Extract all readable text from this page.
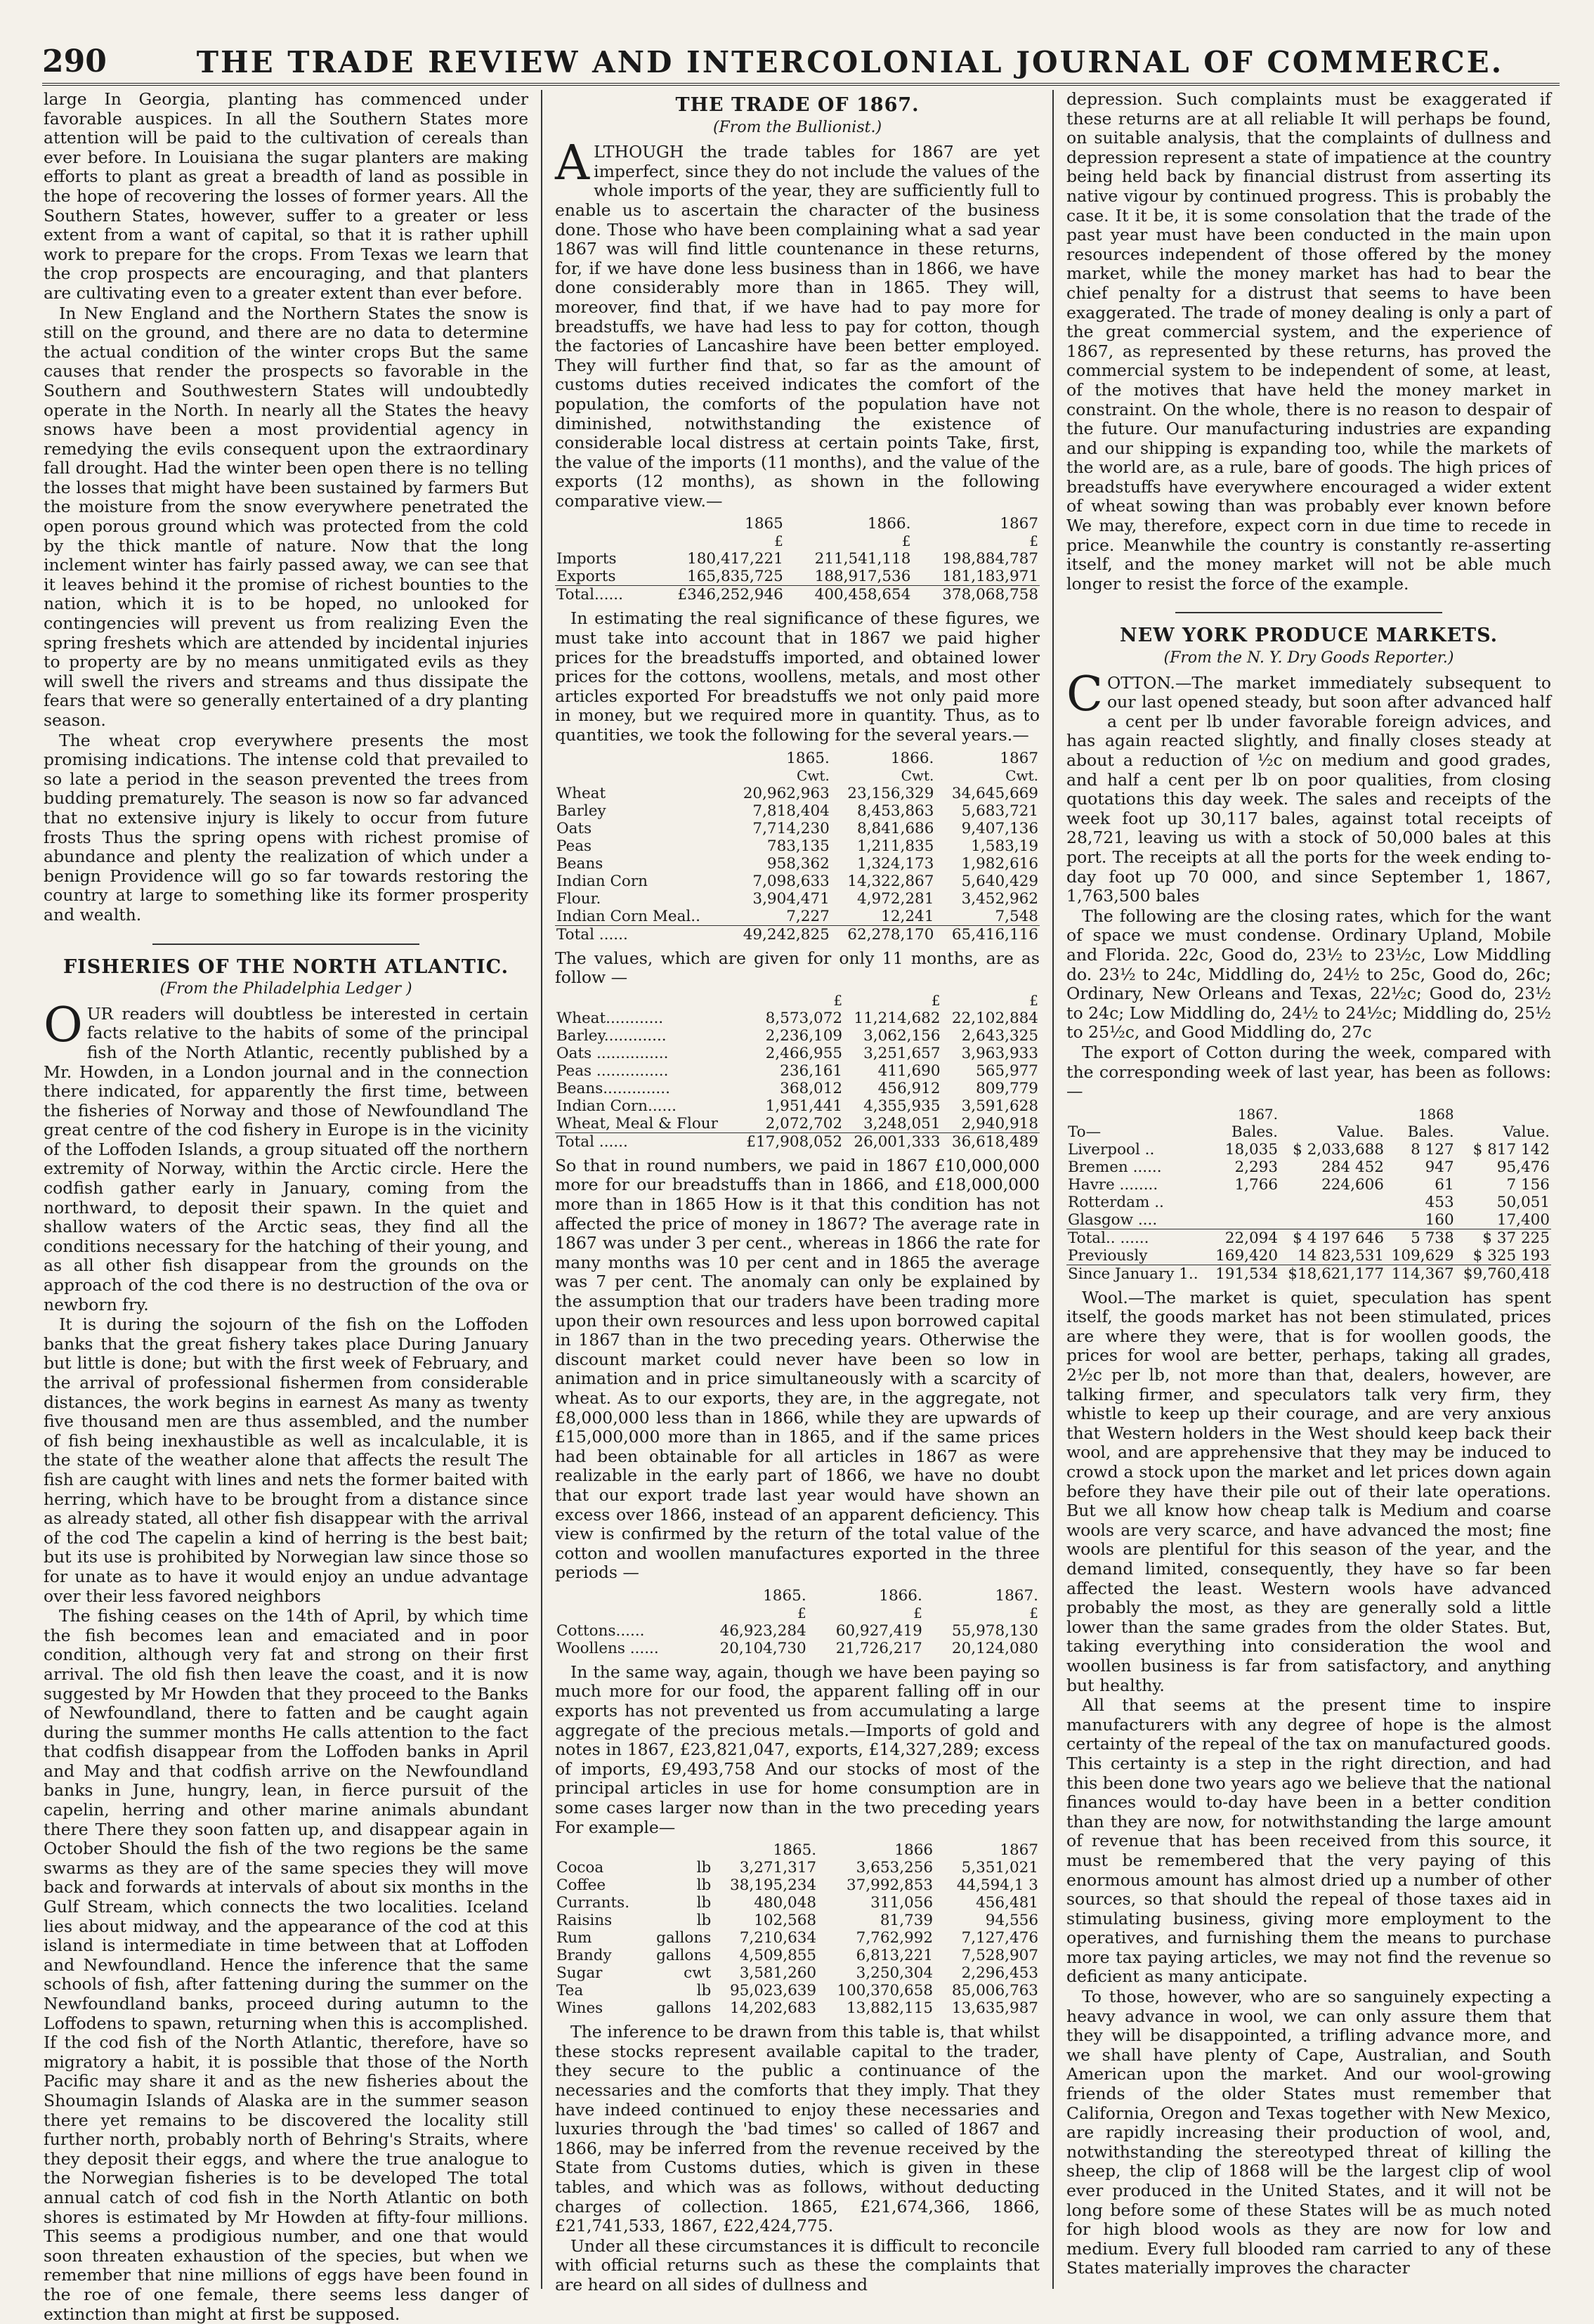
290	THE TRADE REVIEW AND INTERCOLONIAL JOURNAL OF COMMERCE.

large In Georgia, planting has commenced under favorable auspices. In all the Southern States more attention will be paid to the cultivation of cereals than ever before. In Louisiana the sugar planters are making efforts to plant as great a breadth of land as possible in the hope of recovering the losses of former years. All the Southern States, however, suffer to a greater or less extent from a want of capital, so that it is rather uphill work to prepare for the crops. From Texas we learn that the crop prospects are encouraging, and that planters are cultivating even to a greater extent than ever before.

In New England and the Northern States the snow is still on the ground, and there are no data to determine the actual condition of the winter crops But the same causes that render the prospects so favorable in the Southern and Southwestern States will undoubtedly operate in the North. In nearly all the States the heavy snows have been a most providential agency in remedying the evils consequent upon the extraordinary fall drought. Had the winter been open there is no telling the losses that might have been sustained by farmers But the moisture from the snow everywhere penetrated the open porous ground which was protected from the cold by the thick mantle of nature. Now that the long inclement winter has fairly passed away, we can see that it leaves behind it the promise of richest bounties to the nation, which it is to be hoped, no unlooked for contingencies will prevent us from realizing Even the spring freshets which are attended by incidental injuries to property are by no means unmitigated evils as they will swell the rivers and streams and thus dissipate the fears that were so generally entertained of a dry planting season.

The wheat crop everywhere presents the most promising indications. The intense cold that prevailed to so late a period in the season prevented the trees from budding prematurely. The season is now so far advanced that no extensive injury is likely to occur from future frosts Thus the spring opens with richest promise of abundance and plenty the realization of which under a benign Providence will go so far towards restoring the country at large to something like its former prosperity and wealth.

FISHERIES OF THE NORTH ATLANTIC.
(From the Philadelphia Ledger )

OUR readers will doubtless be interested in certain facts relative to the habits of some of the principal fish of the North Atlantic, recently published by a Mr. Howden, in a London journal and in the connection there indicated, for apparently the first time, between the fisheries of Norway and those of Newfoundland The great centre of the cod fishery in Europe is in the vicinity of the Loffoden Islands, a group situated off the northern extremity of Norway, within the Arctic circle. Here the codfish gather early in January, coming from the northward, to deposit their spawn. In the quiet and shallow waters of the Arctic seas, they find all the conditions necessary for the hatching of their young, and as all other fish disappear from the grounds on the approach of the cod there is no destruction of the ova or newborn fry.

It is during the sojourn of the fish on the Loffoden banks that the great fishery takes place During January but little is done; but with the first week of February, and the arrival of professional fishermen from considerable distances, the work begins in earnest As many as twenty five thousand men are thus assembled, and the number of fish being inexhaustible as well as incalculable, it is the state of the weather alone that affects the result The fish are caught with lines and nets the former baited with herring, which have to be brought from a distance since as already stated, all other fish disappear with the arrival of the cod The capelin a kind of herring is the best bait; but its use is prohibited by Norwegian law since those so for unate as to have it would enjoy an undue advantage over their less favored neighbors

The fishing ceases on the 14th of April, by which time the fish becomes lean and emaciated and in poor condition, although very fat and strong on their first arrival. The old fish then leave the coast, and it is now suggested by Mr Howden that they proceed to the Banks of Newfoundland, there to fatten and be caught again during the summer months He calls attention to the fact that codfish disappear from the Loffoden banks in April and May and that codfish arrive on the Newfoundland banks in June, hungry, lean, in fierce pursuit of the capelin, herring and other marine animals abundant there There they soon fatten up, and disappear again in October Should the fish of the two regions be the same swarms as they are of the same species they will move back and forwards at intervals of about six months in the Gulf Stream, which connects the two localities. Iceland lies about midway, and the appearance of the cod at this island is intermediate in time between that at Loffoden and Newfoundland. Hence the inference that the same schools of fish, after fattening during the summer on the Newfoundland banks, proceed during autumn to the Loffodens to spawn, returning when this is accomplished. If the cod fish of the North Atlantic, therefore, have so migratory a habit, it is possible that those of the North Pacific may share it and as the new fisheries about the Shoumagin Islands of Alaska are in the summer season there yet remains to be discovered the locality still further north, probably north of Behring's Straits, where they deposit their eggs, and where the true analogue to the Norwegian fisheries is to be developed The total annual catch of cod fish in the North Atlantic on both shores is estimated by Mr Howden at fifty-four millions. This seems a prodigious number, and one that would soon threaten exhaustion of the species, but when we remember that nine millions of eggs have been found in the roe of one female, there seems less danger of extinction than might at first be supposed.

THE TRADE OF 1867.
(From the Bullionist.)

ALTHOUGH the trade tables for 1867 are yet imperfect, since they do not include the values of the whole imports of the year, they are sufficiently full to enable us to ascertain the character of the business done. Those who have been complaining what a sad year 1867 was will find little countenance in these returns, for, if we have done less business than in 1866, we have done considerably more than in 1865. They will, moreover, find that, if we have had to pay more for breadstuffs, we have had less to pay for cotton, though the factories of Lancashire have been better employed. They will further find that, so far as the amount of customs duties received indicates the comfort of the population, the comforts of the population have not diminished, notwithstanding the existence of considerable local distress at certain points Take, first, the value of the imports (11 months), and the value of the exports (12 months), as shown in the following comparative view.—

	1865	1866.	1867
	£	£	£
Imports	180,417,221	211,541,118	198,884,787
Exports	165,835,725	188,917,536	181,183,971
Total......	£346,252,946	400,458,654	378,068,758

In estimating the real significance of these figures, we must take into account that in 1867 we paid higher prices for the breadstuffs imported, and obtained lower prices for the cottons, woollens, metals, and most other articles exported For breadstuffs we not only paid more in money, but we required more in quantity. Thus, as to quantities, we took the following for the several years.—

	1865.	1866.	1867
	Cwt.	Cwt.	Cwt.
Wheat	20,962,963	23,156,329	34,645,669
Barley	7,818,404	8,453,863	5,683,721
Oats	7,714,230	8,841,686	9,407,136
Peas	783,135	1,211,835	1,583,19
Beans	958,362	1,324,173	1,982,616
Indian Corn	7,098,633	14,322,867	5,640,429
Flour.	3,904,471	4,972,281	3,452,962
Indian Corn Meal..	7,227	12,241	7,548
Total ......	49,242,825	62,278,170	65,416,116

The values, which are given for only 11 months, are as follow —

	£	£	£
Wheat............	8,573,072	11,214,682	22,102,884
Barley.............	2,236,109	3,062,156	2,643,325
Oats ...............	2,466,955	3,251,657	3,963,933
Peas ...............	236,161	411,690	565,977
Beans..............	368,012	456,912	809,779
Indian Corn......	1,951,441	4,355,935	3,591,628
Wheat, Meal & Flour	2,072,702	3,248,051	2,940,918
Total ......	£17,908,052	26,001,333	36,618,489

So that in round numbers, we paid in 1867 £10,000,000 more for our breadstuffs than in 1866, and £18,000,000 more than in 1865 How is it that this condition has not affected the price of money in 1867? The average rate in 1867 was under 3 per cent., whereas in 1866 the rate for many months was 10 per cent and in 1865 the average was 7 per cent. The anomaly can only be explained by the assumption that our traders have been trading more upon their own resources and less upon borrowed capital in 1867 than in the two preceding years. Otherwise the discount market could never have been so low in animation and in price simultaneously with a scarcity of wheat. As to our exports, they are, in the aggregate, not £8,000,000 less than in 1866, while they are upwards of £15,000,000 more than in 1865, and if the same prices had been obtainable for all articles in 1867 as were realizable in the early part of 1866, we have no doubt that our export trade last year would have shown an excess over 1866, instead of an apparent deficiency. This view is confirmed by the return of the total value of the cotton and woollen manufactures exported in the three periods —

	1865.	1866.	1867.
	£	£	£
Cottons......	46,923,284	60,927,419	55,978,130
Woollens ......	20,104,730	21,726,217	20,124,080

In the same way, again, though we have been paying so much more for our food, the apparent falling off in our exports has not prevented us from accumulating a large aggregate of the precious metals.—Imports of gold and notes in 1867, £23,821,047, exports, £14,327,289; excess of imports, £9,493,758 And our stocks of most of the principal articles in use for home consumption are in some cases larger now than in the two preceding years For example—

		1865.	1866	1867
Cocoa	lb	3,271,317	3,653,256	5,351,021
Coffee	lb	38,195,234	37,992,853	44,594,1 3
Currants.	lb	480,048	311,056	456,481
Raisins	lb	102,568	81,739	94,556
Rum	gallons	7,210,634	7,762,992	7,127,476
Brandy	gallons	4,509,855	6,813,221	7,528,907
Sugar	cwt	3,581,260	3,250,304	2,296,453
Tea	lb	95,023,639	100,370,658	85,006,763
Wines	gallons	14,202,683	13,882,115	13,635,987

The inference to be drawn from this table is, that whilst these stocks represent available capital to the trader, they secure to the public a continuance of the necessaries and the comforts that they imply. That they have indeed continued to enjoy these necessaries and luxuries through the 'bad times' so called of 1867 and 1866, may be inferred from the revenue received by the State from Customs duties, which is given in these tables, and which was as follows, without deducting charges of collection. 1865, £21,674,366, 1866, £21,741,533, 1867, £22,424,775.

Under all these circumstances it is difficult to reconcile with official returns such as these the complaints that are heard on all sides of dullness and

depression. Such complaints must be exaggerated if these returns are at all reliable It will perhaps be found, on suitable analysis, that the complaints of dullness and depression represent a state of impatience at the country being held back by financial distrust from asserting its native vigour by continued progress. This is probably the case. It it be, it is some consolation that the trade of the past year must have been conducted in the main upon resources independent of those offered by the money market, while the money market has had to bear the chief penalty for a distrust that seems to have been exaggerated. The trade of money dealing is only a part of the great commercial system, and the experience of 1867, as represented by these returns, has proved the commercial system to be independent of some, at least, of the motives that have held the money market in constraint. On the whole, there is no reason to despair of the future. Our manufacturing industries are expanding and our shipping is expanding too, while the markets of the world are, as a rule, bare of goods. The high prices of breadstuffs have everywhere encouraged a wider extent of wheat sowing than was probably ever known before We may, therefore, expect corn in due time to recede in price. Meanwhile the country is constantly re-asserting itself, and the money market will not be able much longer to resist the force of the example.

NEW YORK PRODUCE MARKETS.
(From the N. Y. Dry Goods Reporter.)

COTTON.—The market immediately subsequent to our last opened steady, but soon after advanced half a cent per lb under favorable foreign advices, and has again reacted slightly, and finally closes steady at about a reduction of ½c on medium and good grades, and half a cent per lb on poor qualities, from closing quotations this day week. The sales and receipts of the week foot up 30,117 bales, against total receipts of 28,721, leaving us with a stock of 50,000 bales at this port. The receipts at all the ports for the week ending to-day foot up 70 000, and since September 1, 1867, 1,763,500 bales

The following are the closing rates, which for the want of space we must condense. Ordinary Upland, Mobile and Florida. 22c, Good do, 23½ to 23½c, Low Middling do. 23½ to 24c, Middling do, 24½ to 25c, Good do, 26c; Ordinary, New Orleans and Texas, 22½c; Good do, 23½ to 24c; Low Middling do, 24½ to 24½c; Middling do, 25½ to 25½c, and Good Middling do, 27c

The export of Cotton during the week, compared with the corresponding week of last year, has been as follows:—

	1867.		1868	
To—	Bales.	Value.	Bales.	Value.
Liverpool ..	18,035	$ 2,033,688	8 127	$ 817 142
Bremen ......	2,293	284 452	947	95,476
Havre ........	1,766	224,606	61	7 156
Rotterdam ..			453	50,051
Glasgow ....			160	17,400
Total.. ......	22,094	$ 4 197 646	5 738	$ 37 225
Previously	169,420	14 823,531	109,629	$ 325 193
Since January 1..	191,534	$18,621,177	114,367	$9,760,418

Wool.—The market is quiet, speculation has spent itself, the goods market has not been stimulated, prices are where they were, that is for woollen goods, the prices for wool are better, perhaps, taking all grades, 2½c per lb, not more than that, dealers, however, are talking firmer, and speculators talk very firm, they whistle to keep up their courage, and are very anxious that Western holders in the West should keep back their wool, and are apprehensive that they may be induced to crowd a stock upon the market and let prices down again before they have their pile out of their late operations. But we all know how cheap talk is Medium and coarse wools are very scarce, and have advanced the most; fine wools are plentiful for this season of the year, and the demand limited, consequently, they have so far been affected the least. Western wools have advanced probably the most, as they are generally sold a little lower than the same grades from the older States. But, taking everything into consideration the wool and woollen business is far from satisfactory, and anything but healthy.

All that seems at the present time to inspire manufacturers with any degree of hope is the almost certainty of the repeal of the tax on manufactured goods. This certainty is a step in the right direction, and had this been done two years ago we believe that the national finances would to-day have been in a better condition than they are now, for notwithstanding the large amount of revenue that has been received from this source, it must be remembered that the very paying of this enormous amount has almost dried up a number of other sources, so that should the repeal of those taxes aid in stimulating business, giving more employment to the operatives, and furnishing them the means to purchase more tax paying articles, we may not find the revenue so deficient as many anticipate.

To those, however, who are so sanguinely expecting a heavy advance in wool, we can only assure them that they will be disappointed, a trifling advance more, and we shall have plenty of Cape, Australian, and South American upon the market. And our wool-growing friends of the older States must remember that California, Oregon and Texas together with New Mexico, are rapidly increasing their production of wool, and, notwithstanding the stereotyped threat of killing the sheep, the clip of 1868 will be the largest clip of wool ever produced in the United States, and it will not be long before some of these States will be as much noted for high blood wools as they are now for low and medium. Every full blooded ram carried to any of these States materially improves the character
